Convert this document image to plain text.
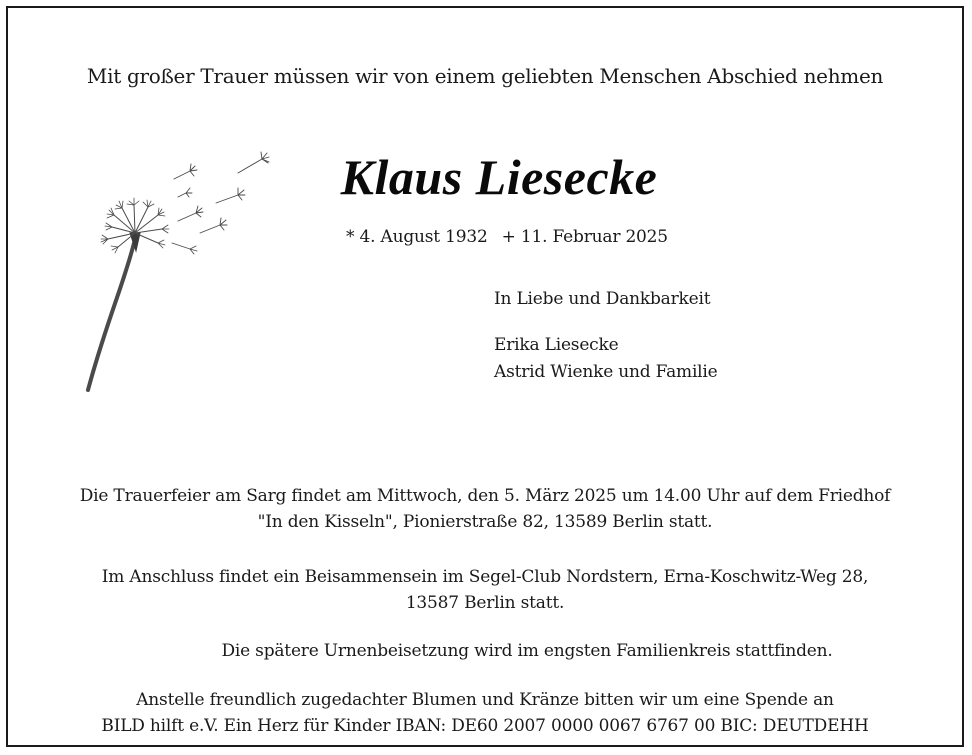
Mit großer Trauer müssen wir von einem geliebten Menschen Abschied nehmen
Klaus Liesecke
* 4. August 1932 + 11. Februar 2025
In Liebe und Dankbarkeit
Erika Liesecke
Astrid Wienke und Familie
Die Trauerfeier am Sarg findet am Mittwoch, den 5. März 2025 um 14.00 Uhr auf dem Friedhof
"In den Kisseln", Pionierstraße 82, 13589 Berlin statt.
Im Anschluss findet ein Beisammensein im Segel-Club Nordstern, Erna-Koschwitz-Weg 28,
13587 Berlin statt.
Die spätere Urnenbeisetzung wird im engsten Familienkreis stattfinden.
Anstelle freundlich zugedachter Blumen und Kränze bitten wir um eine Spende an
BILD hilft e.V. Ein Herz für Kinder IBAN: DE60 2007 0000 0067 6767 00 BIC: DEUTDEHH
